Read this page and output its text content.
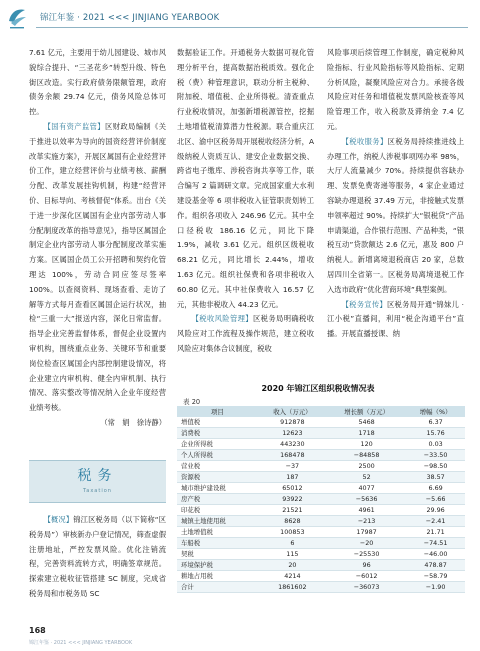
锦江年鉴 · 2021 <<< JINJIANG YEARBOOK
7.61 亿元，主要用于幼儿园建设、城市风貌综合提升、“三圣花乡”转型升级、特色街区改造。实行政府债务限额管理，政府债务余额 29.74 亿元，债务风险总体可控。
【国有资产监管】区财政局编制《关于推进以效率为导向的国资经营评价制度改革实施方案》，开展区属国有企业经营评价工作，建立经营评价与业绩考核、薪酬分配、改革发展挂钩机制，构建“经营评价、目标导向、考核督促”体系。出台《关于进一步深化区属国有企业内部劳动人事分配制度改革的指导意见》，指导区属国企制定企业内部劳动人事分配制度改革实施方案。区属国企员工公开招聘和契约化管理达 100%，劳动合同应签尽签率 100%。以查阅资料、现场查看、走访了解等方式每月查看区属国企运行状况，抽检“三重一大”报送内容，深化日常监督。指导企业完善监督体系，督促企业设置内审机构，围绕重点业务、关键环节和重要岗位检查区属国企内部控制建设情况，将企业建立内审机构、健全内审机制、执行情况、落实整改等情况纳入企业年度经营业绩考核。
（常　娟　徐诗静）
税务
Taxation
【概况】锦江区税务局（以下简称“区税务局”）审核新办户登记情况，筛查虚假注册地址，严控发票风险。优化注销流程，完善资料流转方式，明确签章规范。探索建立税收征管搭建 SC 制度，完成省税务局和市税务局 SC
数据验证工作。开通税务大数据可视化管理分析平台，提高数据治税质效。强化企税（费）种管理意识，联动分析主税种、附加税、增值税、企业所得税。清查重点行业税收情况，加强新增税源管控，挖掘土地增值税清算潜力性税源。联合重庆江北区、渝中区税务局开展税收经济分析，A 级纳税人资质互认、建安企业数据交换、跨省电子缴库、涉税咨询共享等工作，联合编写 2 篇调研文章。完成国家重大水利建设基金等 6 项非税收入征管职责划转工作。组织各项收入 246.96 亿元。其中全口径税收 186.16 亿元，同比下降 1.9%，减收 3.61 亿元。组织区级税收 68.21 亿元，同比增长 2.44%，增收 1.63 亿元。组织社保费和各项非税收入 60.80 亿元。其中社保费收入 16.57 亿元，其他非税收入 44.23 亿元。
【税收风险管理】区税务局明确税收风险应对工作流程及操作规范，建立税收风险应对集体合议制度，税收
风险事项后续管理工作制度，确定税种风险指标、行业风险指标等风险指标、定期分析风险，凝聚风险应对合力。承接各级风险应对任务和增值税发票风险核查等风险管理工作，收入税款及滞纳金 7.4 亿元。
【税收服务】区税务局持续推进线上办理工作，纳税人涉税事项网办率 98%，大厅人流量减少 70%。持续提供容缺办理、发票免费寄递等服务，4 家企业通过容缺办理退税 37.49 万元，非接触式发票申领率超过 90%。持续扩大“银税贷”产品申请渠道，合作银行范围、产品种类，“银税互动”贷款额达 2.6 亿元，惠及 800 户纳税人。新增离境退税商店 20 家，总数居四川全省第一。区税务局离境退税工作入选市政府“优化营商环境”典型案例。
【税务宣传】区税务局开通“锦妹儿 · 江小税”直播间，利用“税企沟通平台”直播。开展直播授课、纳
2020 年锦江区组织税收情况表
表 20
项目	收入（万元）	增长额（万元）	增幅（%）
增值税	912878	5468	6.37
消费税	12623	1718	15.76
企业所得税	443230	120	0.03
个人所得税	168478	−84858	−33.50
营业税	−37	2500	−98.50
资源税	187	52	38.57
城市维护建设税	65012	4077	6.69
房产税	93922	−5636	−5.66
印花税	21521	4961	29.96
城镇土地使用税	8628	−213	−2.41
土地增值税	100853	17987	21.71
车船税	6	−20	−74.51
契税	115	−25530	−46.00
环境保护税	20	96	478.87
耕地占用税	4214	−6012	−58.79
合计	1861602	−36073	−1.90
168
锦江年鉴 · 2021 <<< JINJIANG YEARBOOK
